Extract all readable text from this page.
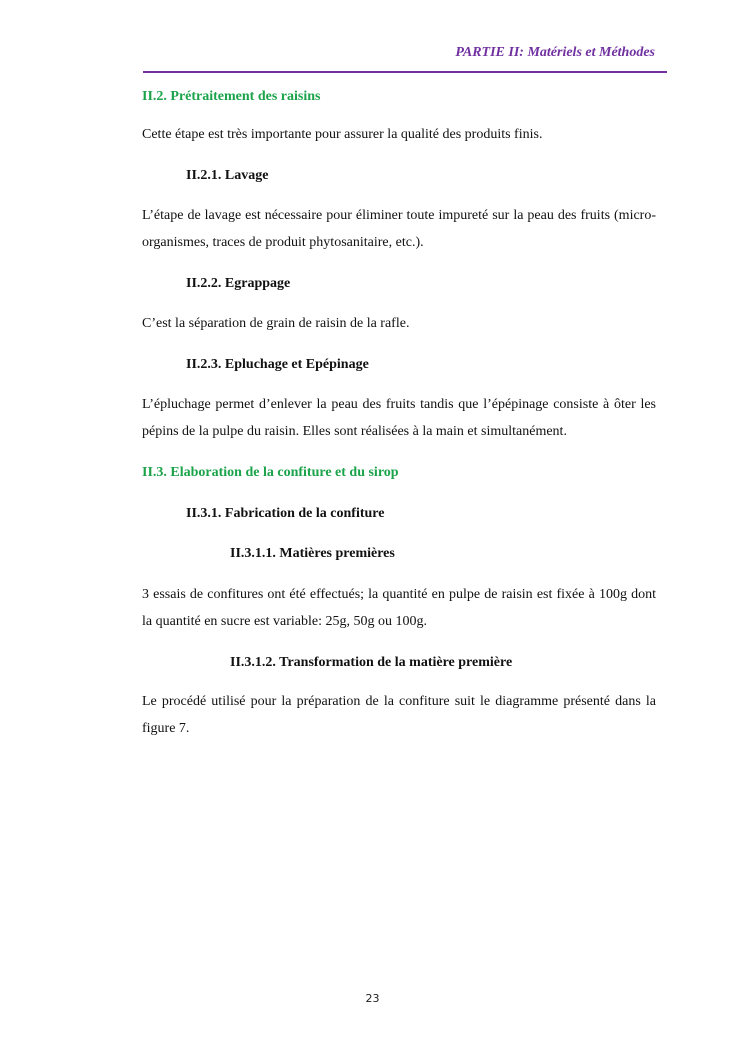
PARTIE II: Matériels et Méthodes
II.2. Prétraitement des raisins
Cette étape est très importante pour assurer la qualité des produits finis.
II.2.1. Lavage
L’étape de lavage est nécessaire pour éliminer toute impureté sur la peau des fruits (micro-organismes, traces de produit phytosanitaire, etc.).
II.2.2. Egrappage
C’est la séparation de grain de raisin de la rafle.
II.2.3. Epluchage et Epépinage
L’épluchage permet d’enlever la peau des fruits tandis que l’épépinage consiste à ôter les pépins de la pulpe du raisin. Elles sont réalisées à la main et simultanément.
II.3. Elaboration de la confiture et du sirop
II.3.1. Fabrication de la confiture
II.3.1.1. Matières premières
3 essais de confitures ont été effectués; la quantité en pulpe de raisin est fixée à 100g dont la quantité en sucre est variable: 25g, 50g ou 100g.
II.3.1.2. Transformation de la matière première
Le procédé utilisé pour la préparation de la confiture suit le diagramme présenté dans la figure 7.
23
